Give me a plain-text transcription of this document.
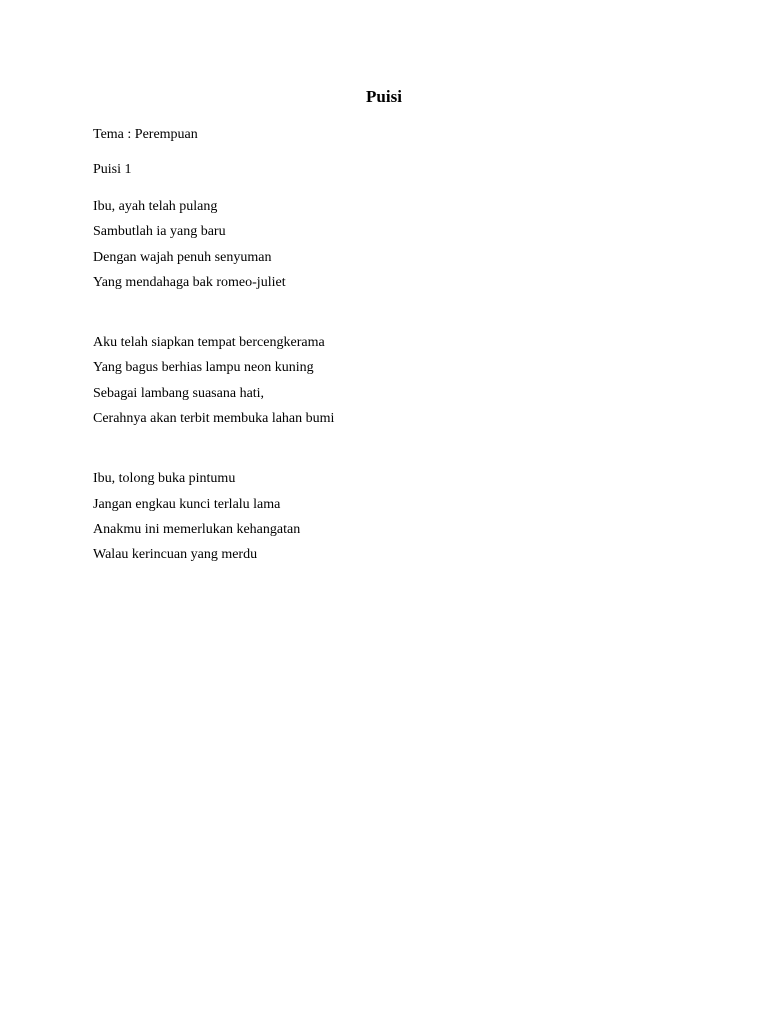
Puisi

Tema : Perempuan

Puisi 1

Ibu, ayah telah pulang
Sambutlah ia yang baru
Dengan wajah penuh senyuman
Yang mendahaga bak romeo-juliet
Aku telah siapkan tempat bercengkerama
Yang bagus berhias lampu neon kuning
Sebagai lambang suasana hati,
Cerahnya akan terbit membuka lahan bumi
Ibu, tolong buka pintumu
Jangan engkau kunci terlalu lama
Anakmu ini memerlukan kehangatan
Walau kerincuan yang merdu
